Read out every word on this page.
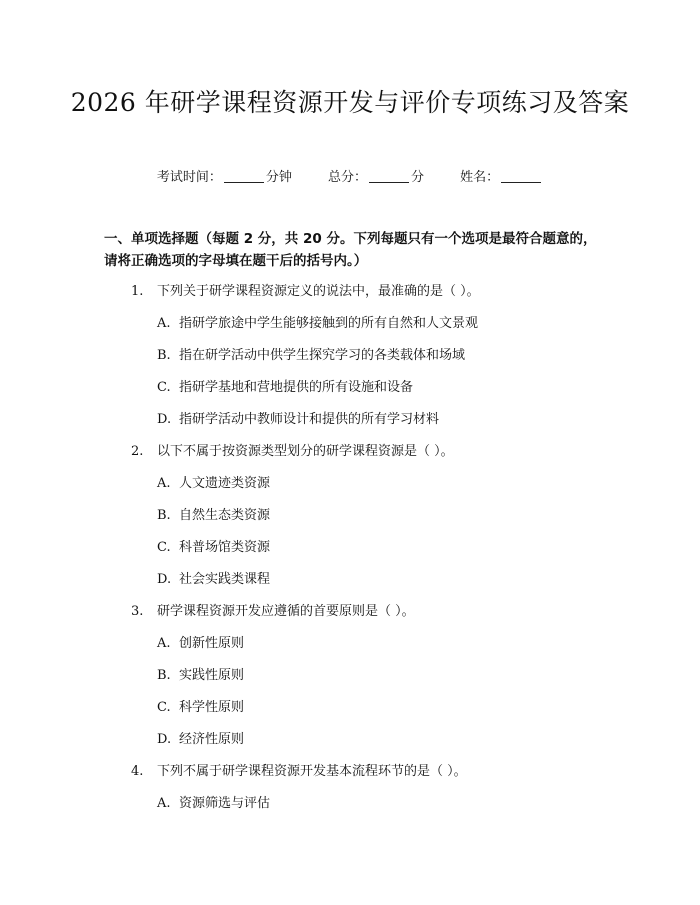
2026 年研学课程资源开发与评价专项练习及答案
考试时间：	分钟	总分：	分	姓名：
一、单项选择题（每题 2 分，共 20 分。下列每题只有一个选项是最符合题意的，请将正确选项的字母填在题干后的括号内。）
1. 下列关于研学课程资源定义的说法中，最准确的是（ ）。
A. 指研学旅途中学生能够接触到的所有自然和人文景观
B. 指在研学活动中供学生探究学习的各类载体和场域
C. 指研学基地和营地提供的所有设施和设备
D. 指研学活动中教师设计和提供的所有学习材料
2. 以下不属于按资源类型划分的研学课程资源是（ ）。
A. 人文遗迹类资源
B. 自然生态类资源
C. 科普场馆类资源
D. 社会实践类课程
3. 研学课程资源开发应遵循的首要原则是（ ）。
A. 创新性原则
B. 实践性原则
C. 科学性原则
D. 经济性原则
4. 下列不属于研学课程资源开发基本流程环节的是（ ）。
A. 资源筛选与评估
